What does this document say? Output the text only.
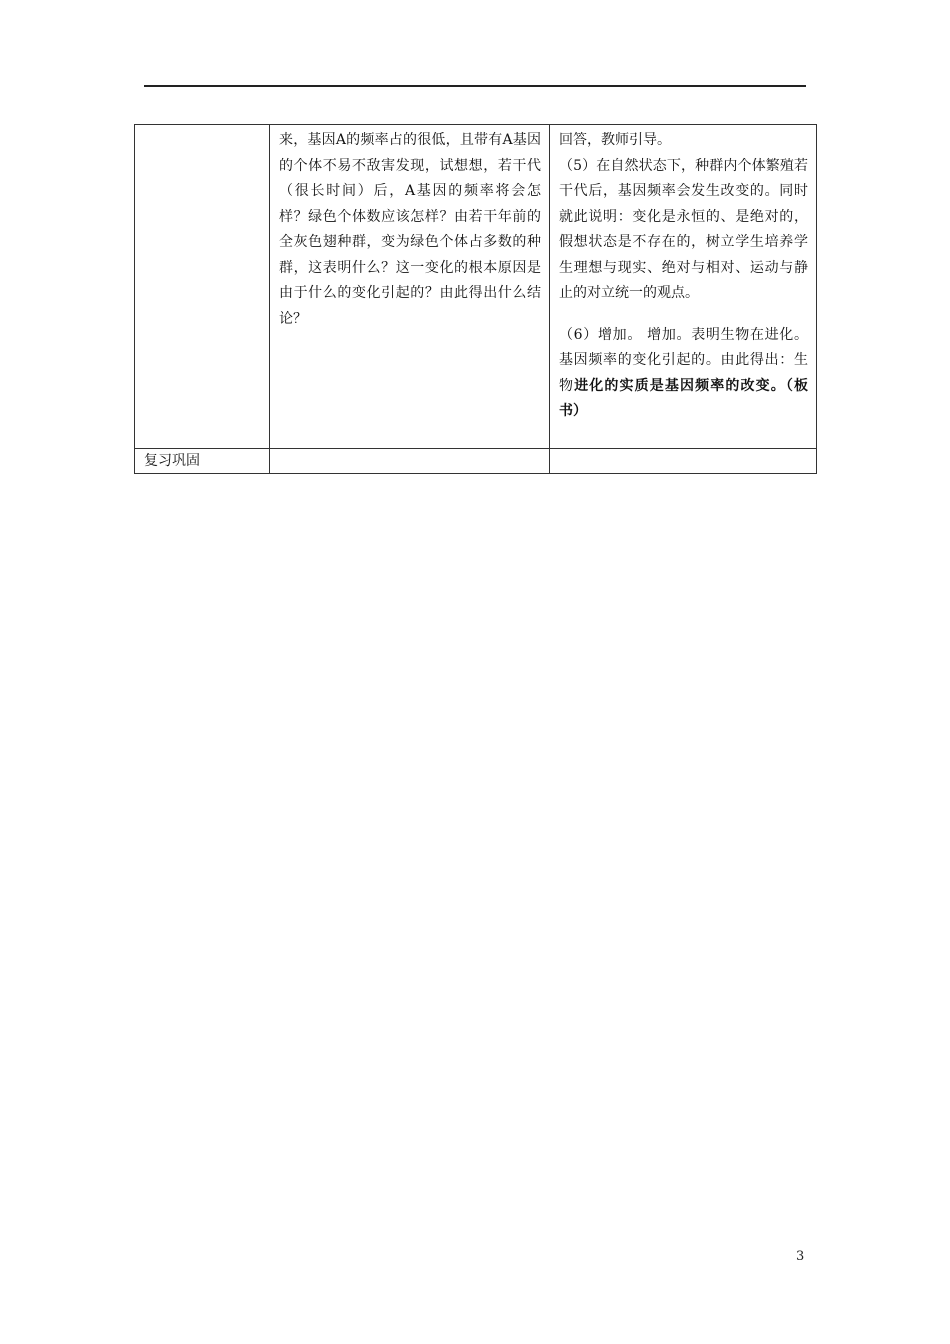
	来，基因A的频率占的很低，且带有A基因的个体不易不敌害发现，试想想，若干代（很长时间）后，A基因的频率将会怎样？绿色个体数应该怎样？由若干年前的全灰色翅种群，变为绿色个体占多数的种群，这表明什么？这一变化的根本原因是由于什么的变化引起的？由此得出什么结论？	回答，教师引导。
（5）在自然状态下，种群内个体繁殖若干代后，基因频率会发生改变的。同时就此说明：变化是永恒的、是绝对的，假想状态是不存在的，树立学生培养学生理想与现实、绝对与相对、运动与静止的对立统一的观点。
（6）增加。 增加。表明生物在进化。基因频率的变化引起的。由此得出：生物进化的实质是基因频率的改变。（板书）

复习巩固		
3
